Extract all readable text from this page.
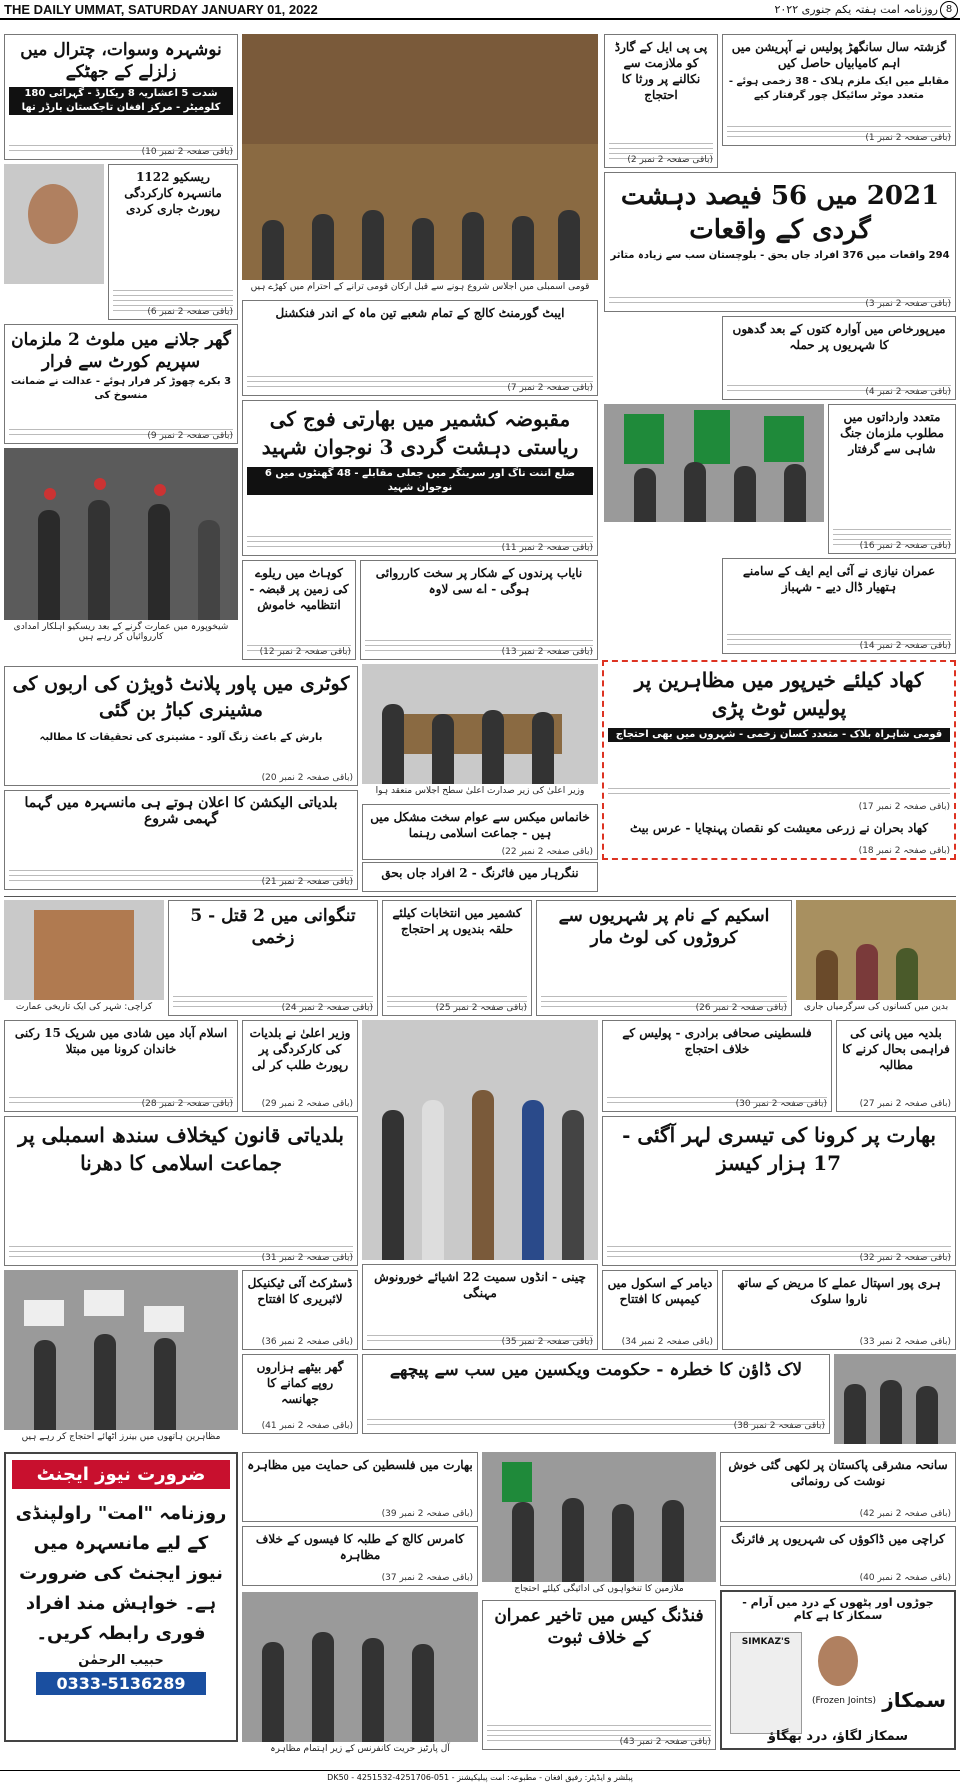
THE DAILY UMMAT, SATURDAY JANUARY 01, 2022	روزنامہ امت ہفتہ یکم جنوری ۲۰۲۲ 8
گزشتہ سال سانگھڑ پولیس نے آپریشن میں اہم کامیابیاں حاصل کیں
مقابلے میں ایک ملزم ہلاک - 38 زخمی ہوئے - متعدد موٹر سائیکل چور گرفتار کیے
(باقی صفحہ 2 نمبر 1)
پی پی ایل کے گارڈ کو ملازمت سے نکالنے پر ورثا کا احتجاج
(باقی صفحہ 2 نمبر 2)
قومی اسمبلی میں اجلاس شروع ہونے سے قبل ارکان قومی ترانے کے احترام میں کھڑے ہیں
نوشہرہ وسوات، چترال میں زلزلے کے جھٹکے
شدت 5 اعشاریہ 8 ریکارڈ - گہرائی 180 کلومیٹر - مرکز افغان تاجکستان بارڈر تھا
(باقی صفحہ 2 نمبر 10)
ریسکیو 1122 مانسہرہ کارکردگی رپورٹ جاری کردی
(باقی صفحہ 2 نمبر 6)
2021 میں 56 فیصد دہشت گردی کے واقعات
294 واقعات میں 376 افراد جاں بحق - بلوچستان سب سے زیادہ متاثر
(باقی صفحہ 2 نمبر 3)
میرپورخاص میں آوارہ کتوں کے بعد گدھوں کا شہریوں پر حملہ
(باقی صفحہ 2 نمبر 4)
ایبٹ گورمنٹ کالج کے تمام شعبے تین ماہ کے اندر فنکشنل
(باقی صفحہ 2 نمبر 7)
گھر جلانے میں ملوث 2 ملزمان سپریم کورٹ سے فرار
3 بکرے چھوڑ کر فرار ہوئے - عدالت نے ضمانت منسوخ کی
(باقی صفحہ 2 نمبر 9)
متعدد وارداتوں میں مطلوب ملزمان جنگ شاہی سے گرفتار
(باقی صفحہ 2 نمبر 16)
مقبوضہ کشمیر میں بھارتی فوج کی ریاستی دہشت گردی 3 نوجوان شہید
ضلع اننت ناگ اور سرینگر میں جعلی مقابلے - 48 گھنٹوں میں 6 نوجوان شہید
(باقی صفحہ 2 نمبر 11)
شیخوپورہ میں عمارت گرنے کے بعد ریسکیو اہلکار امدادی کارروائیاں کر رہے ہیں
عمران نیازی نے آئی ایم ایف کے سامنے ہتھیار ڈال دیے - شہباز
(باقی صفحہ 2 نمبر 14)
نایاب پرندوں کے شکار پر سخت کارروائی ہوگی - اے سی لاوہ
(باقی صفحہ 2 نمبر 13)
کوہاٹ میں ریلوے کی زمین پر قبضہ - انتظامیہ خاموش
(باقی صفحہ 2 نمبر 12)
کوٹری میں پاور پلانٹ ڈویژن کی اربوں کی مشینری کباڑ بن گئی
بارش کے باعث زنگ آلود - مشینری کی تحقیقات کا مطالبہ
(باقی صفحہ 2 نمبر 20)
وزیر اعلیٰ کی زیر صدارت اعلیٰ سطح اجلاس منعقد ہوا
کھاد کیلئے خیرپور میں مظاہرین پر پولیس ٹوٹ پڑی
قومی شاہراہ بلاک - متعدد کسان زخمی - شہروں میں بھی احتجاج
(باقی صفحہ 2 نمبر 17)
کھاد بحران نے زرعی معیشت کو نقصان پہنچایا - عرس بیٹ
(باقی صفحہ 2 نمبر 18)
بلدیاتی الیکشن کا اعلان ہوتے ہی مانسہرہ میں گہما گہمی شروع
(باقی صفحہ 2 نمبر 21)
خانماس میکس سے عوام سخت مشکل میں ہیں - جماعت اسلامی رہنما
(باقی صفحہ 2 نمبر 22)
ننگرہار میں فائرنگ - 2 افراد جاں بحق
کراچی: شہر کی ایک تاریخی عمارت
تنگوانی میں 2 قتل - 5 زخمی
(باقی صفحہ 2 نمبر 24)
کشمیر میں انتخابات کیلئے حلقہ بندیوں پر احتجاج
(باقی صفحہ 2 نمبر 25)
اسکیم کے نام پر شہریوں سے کروڑوں کی لوٹ مار
(باقی صفحہ 2 نمبر 26)	بدین میں کسانوں کی سرگرمیاں جاری
اسلام آباد میں شادی میں شریک 15 رکنی خاندان کرونا میں مبتلا
(باقی صفحہ 2 نمبر 28)
وزیر اعلیٰ نے بلدیات کی کارکردگی پر رپورٹ طلب کر لی
(باقی صفحہ 2 نمبر 29)
فلسطینی صحافی برادری - پولیس کے خلاف احتجاج
(باقی صفحہ 2 نمبر 30)
بلدیہ میں پانی کی فراہمی بحال کرنے کا مطالبہ
(باقی صفحہ 2 نمبر 27)
بلدیاتی قانون کیخلاف سندھ اسمبلی پر جماعت اسلامی کا دھرنا
(باقی صفحہ 2 نمبر 31)
بھارت پر کرونا کی تیسری لہر آگئی - 17 ہزار کیسز
(باقی صفحہ 2 نمبر 32)
مظاہرین ہاتھوں میں بینرز اٹھائے احتجاج کر رہے ہیں
ڈسٹرکٹ آئی ٹیکنیکل لائبریری کا افتتاح
(باقی صفحہ 2 نمبر 36)
چینی - انڈوں سمیت 22 اشیائے خورونوش مہنگی
(باقی صفحہ 2 نمبر 35)
دیامر کے اسکول میں کیمپس کا افتتاح
(باقی صفحہ 2 نمبر 34)
ہری پور اسپتال عملے کا مریض کے ساتھ ناروا سلوک
(باقی صفحہ 2 نمبر 33)
گھر بیٹھے ہزاروں روپے کمانے کا جھانسہ
(باقی صفحہ 2 نمبر 41)
لاک ڈاؤن کا خطرہ - حکومت ویکسین میں سب سے پیچھے
(باقی صفحہ 2 نمبر 38)
ضرورت نیوز ایجنٹ
روزنامہ "امت" راولپنڈی کے لیے مانسہرہ میں نیوز ایجنٹ کی ضرورت ہے۔ خواہش مند افراد فوری رابطہ کریں۔
حبیب الرحمٰن
0333-5136289
بھارت میں فلسطین کی حمایت میں مظاہرہ
(باقی صفحہ 2 نمبر 39)
سانحہ مشرقی پاکستان پر لکھی گئی خوش نوشت کی رونمائی
(باقی صفحہ 2 نمبر 42)
کراچی میں ڈاکوؤں کی شہریوں پر فائرنگ
(باقی صفحہ 2 نمبر 40)
کامرس کالج کے طلبہ کا فیسوں کے خلاف مظاہرہ
(باقی صفحہ 2 نمبر 37)
آل پارٹیز حریت کانفرنس کے زیر اہتمام مظاہرہ
ملازمین کا تنخواہوں کی ادائیگی کیلئے احتجاج
فنڈنگ کیس میں تاخیر عمران کے خلاف ثبوت
(باقی صفحہ 2 نمبر 43)
جوڑوں اور پٹھوں کے درد میں آرام - سمکاز کا ہے کام
SIMKAZ'S
سمکاز
(Frozen Joints)
سمکاز لگاؤ، درد بھگاؤ
پبلشر و ایڈیٹر: رفیق افغان - مطبوعہ: امت پبلیکیشنز - 051-4251706-4251532 - DK50
